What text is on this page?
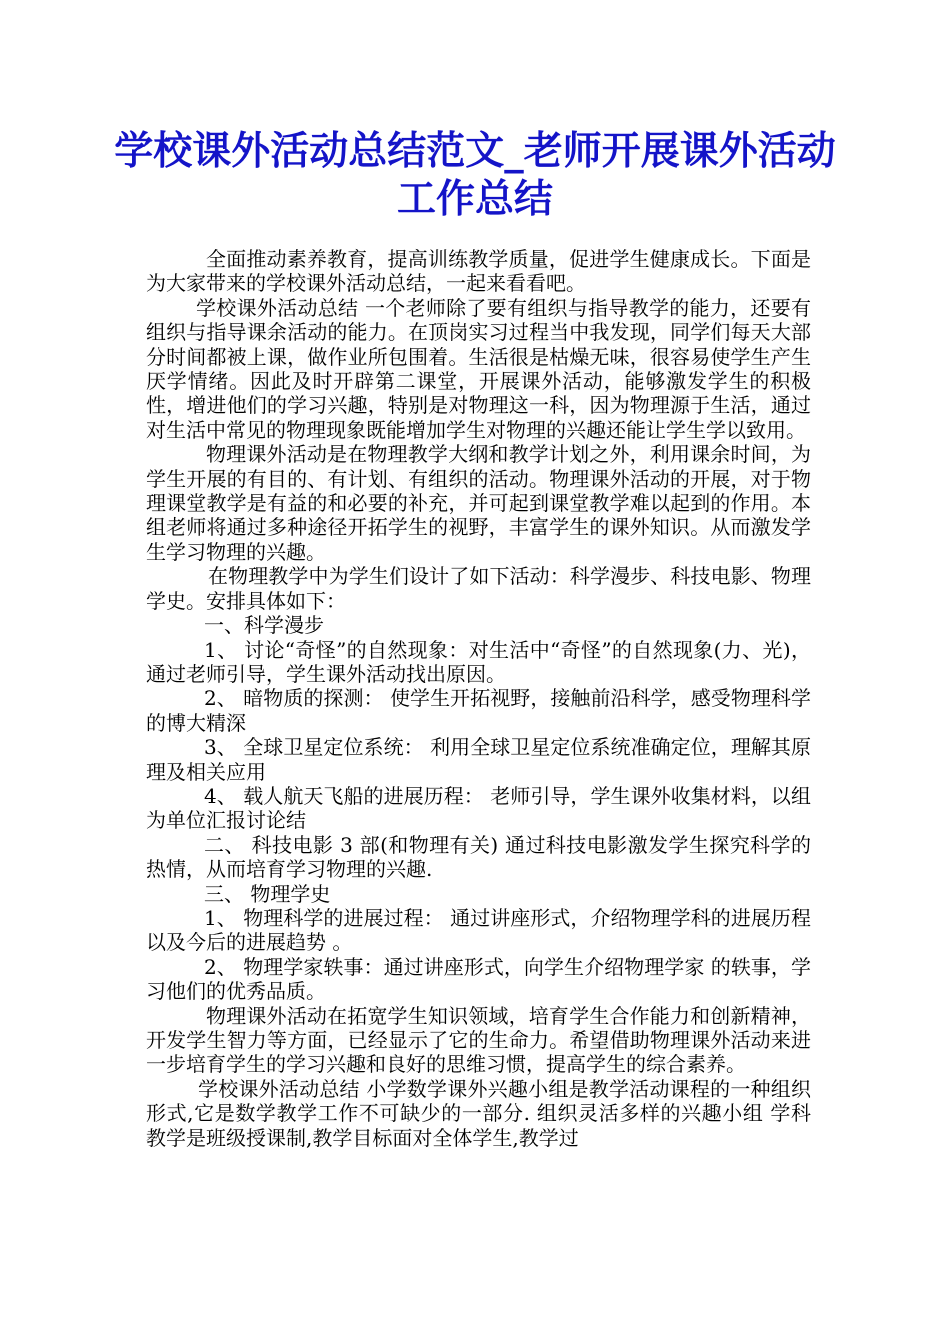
学校课外活动总结范文_老师开展课外活动工作总结

全面推动素养教育，提高训练教学质量，促进学生健康成长。下面是为大家带来的学校课外活动总结，一起来看看吧。

学校课外活动总结 一个老师除了要有组织与指导教学的能力，还要有组织与指导课余活动的能力。在顶岗实习过程当中我发现，同学们每天大部分时间都被上课，做作业所包围着。生活很是枯燥无味，很容易使学生产生厌学情绪。因此及时开辟第二课堂，开展课外活动，能够激发学生的积极性，增进他们的学习兴趣，特别是对物理这一科，因为物理源于生活，通过对生活中常见的物理现象既能增加学生对物理的兴趣还能让学生学以致用。

物理课外活动是在物理教学大纲和教学计划之外，利用课余时间，为学生开展的有目的、有计划、有组织的活动。物理课外活动的开展，对于物理课堂教学是有益的和必要的补充，并可起到课堂教学难以起到的作用。本组老师将通过多种途径开拓学生的视野，丰富学生的课外知识。从而激发学生学习物理的兴趣。

在物理教学中为学生们设计了如下活动：科学漫步、科技电影、物理学史。安排具体如下：

一、科学漫步

1、 讨论“奇怪”的自然现象：对生活中“奇怪”的自然现象(力、光)，通过老师引导，学生课外活动找出原因。

2、 暗物质的探测： 使学生开拓视野，接触前沿科学，感受物理科学的博大精深

3、 全球卫星定位系统： 利用全球卫星定位系统准确定位，理解其原理及相关应用

4、 载人航天飞船的进展历程： 老师引导，学生课外收集材料，以组 为单位汇报讨论结

二、 科技电影 3 部(和物理有关) 通过科技电影激发学生探究科学的 热情，从而培育学习物理的兴趣.

三、 物理学史

1、 物理科学的进展过程： 通过讲座形式，介绍物理学科的进展历程以及今后的进展趋势 。

2、 物理学家轶事：通过讲座形式，向学生介绍物理学家 的轶事，学习他们的优秀品质。

物理课外活动在拓宽学生知识领域，培育学生合作能力和创新精神，开发学生智力等方面，已经显示了它的生命力。希望借助物理课外活动来进一步培育学生的学习兴趣和良好的思维习惯，提高学生的综合素养。

学校课外活动总结 小学数学课外兴趣小组是教学活动课程的一种组织形式,它是数学教学工作不可缺少的一部分. 组织灵活多样的兴趣小组 学科教学是班级授课制,教学目标面对全体学生,教学过
